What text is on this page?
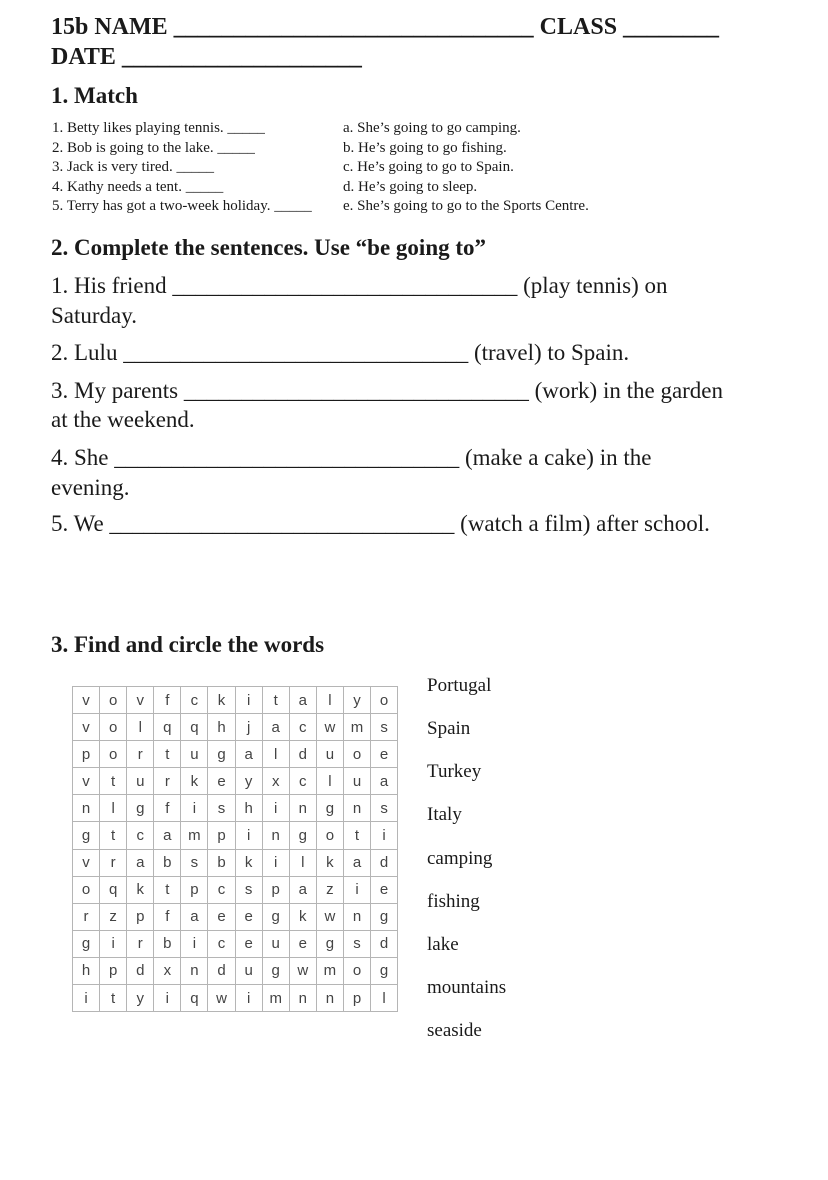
15b NAME ______________________________ CLASS ________
DATE ____________________
1. Match
1. Betty likes playing tennis. _____
2. Bob is going to the lake. _____
3. Jack is very tired. _____
4. Kathy needs a tent. _____
5. Terry has got a two-week holiday. _____
a. She’s going to go camping.
b. He’s going to go fishing.
c. He’s going to go to Spain.
d. He’s going to sleep.
e. She’s going to go to the Sports Centre.
2. Complete the sentences. Use “be going to”
1. His friend ______________________________ (play tennis) on
Saturday.
2. Lulu ______________________________ (travel) to Spain.
3. My parents ______________________________ (work) in the garden
at the weekend.
4. She ______________________________ (make a cake) in the
evening.
5. We ______________________________ (watch a film) after school.
3. Find and circle the words
v	o	v	f	c	k	i	t	a	l	y	o
v	o	l	q	q	h	j	a	c	w	m	s
p	o	r	t	u	g	a	l	d	u	o	e
v	t	u	r	k	e	y	x	c	l	u	a
n	l	g	f	i	s	h	i	n	g	n	s
g	t	c	a	m	p	i	n	g	o	t	i
v	r	a	b	s	b	k	i	l	k	a	d
o	q	k	t	p	c	s	p	a	z	i	e
r	z	p	f	a	e	e	g	k	w	n	g
g	i	r	b	i	c	e	u	e	g	s	d
h	p	d	x	n	d	u	g	w	m	o	g
i	t	y	i	q	w	i	m	n	n	p	l
Portugal
Spain
Turkey
Italy
camping
fishing
lake
mountains
seaside
